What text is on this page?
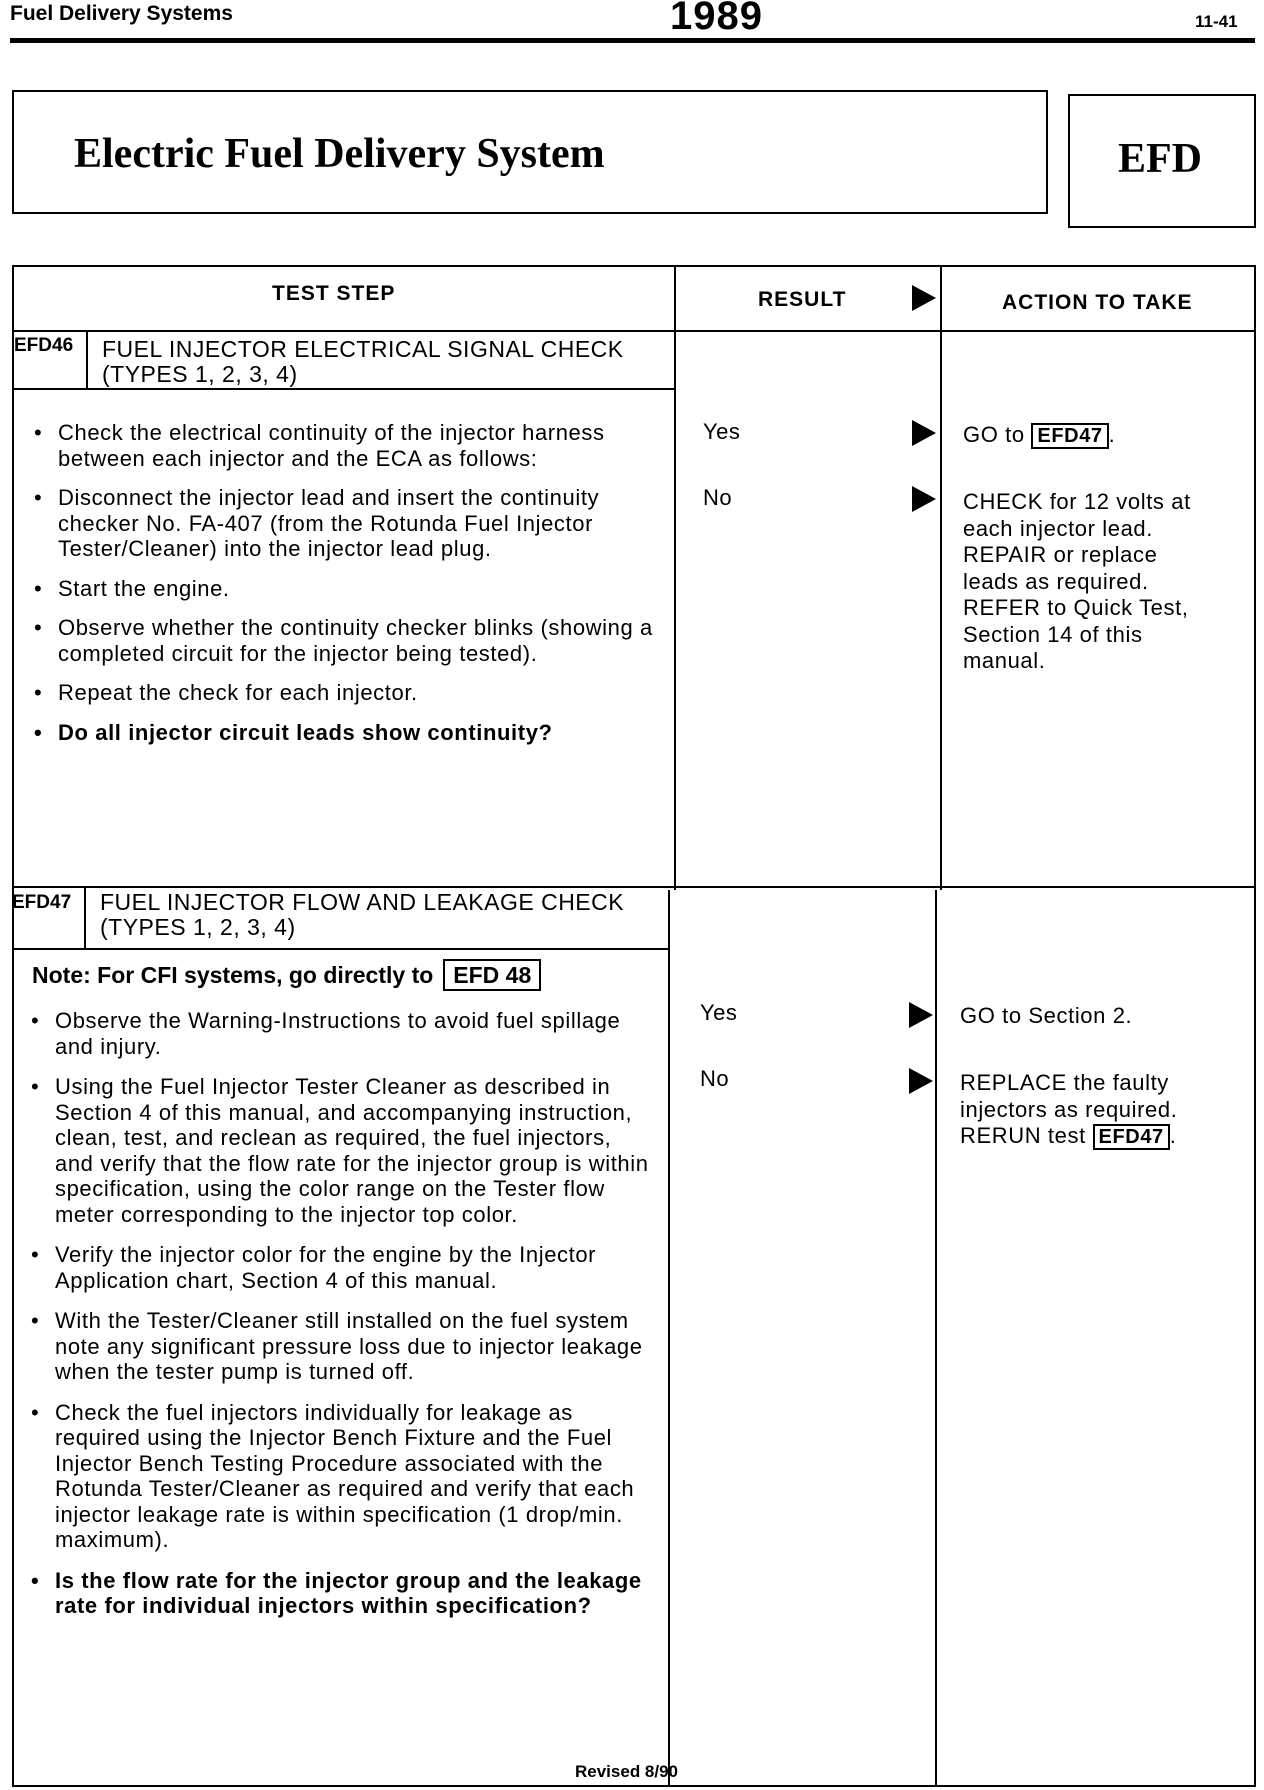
Fuel Delivery Systems	1989	11-41
Electric Fuel Delivery System	EFD
TEST STEP	RESULT	ACTION TO TAKE
EFD46 FUEL INJECTOR ELECTRICAL SIGNAL CHECK
(TYPES 1, 2, 3, 4)
• Check the electrical continuity of the injector harness between each injector and the ECA as follows:
• Disconnect the injector lead and insert the continuity checker No. FA-407 (from the Rotunda Fuel Injector Tester/Cleaner) into the injector lead plug.
• Start the engine.
• Observe whether the continuity checker blinks (showing a completed circuit for the injector being tested).
• Repeat the check for each injector.
• Do all injector circuit leads show continuity?
Yes	GO to EFD47 .
No	CHECK for 12 volts at
each injector lead.
REPAIR or replace
leads as required.
REFER to Quick Test,
Section 14 of this
manual.
EFD47 FUEL INJECTOR FLOW AND LEAKAGE CHECK
(TYPES 1, 2, 3, 4)
Note: For CFI systems, go directly to EFD 48
• Observe the Warning-Instructions to avoid fuel spillage and injury.
• Using the Fuel Injector Tester Cleaner as described in Section 4 of this manual, and accompanying instruction, clean, test, and reclean as required, the fuel injectors, and verify that the flow rate for the injector group is within specification, using the color range on the Tester flow meter corresponding to the injector top color.
• Verify the injector color for the engine by the Injector Application chart, Section 4 of this manual.
• With the Tester/Cleaner still installed on the fuel system note any significant pressure loss due to injector leakage when the tester pump is turned off.
• Check the fuel injectors individually for leakage as required using the Injector Bench Fixture and the Fuel Injector Bench Testing Procedure associated with the Rotunda Tester/Cleaner as required and verify that each injector leakage rate is within specification (1 drop/min. maximum).
• Is the flow rate for the injector group and the leakage rate for individual injectors within specification?
Yes	GO to Section 2.
No	REPLACE the faulty
injectors as required.
RERUN test EFD47 .
Revised 8/90
